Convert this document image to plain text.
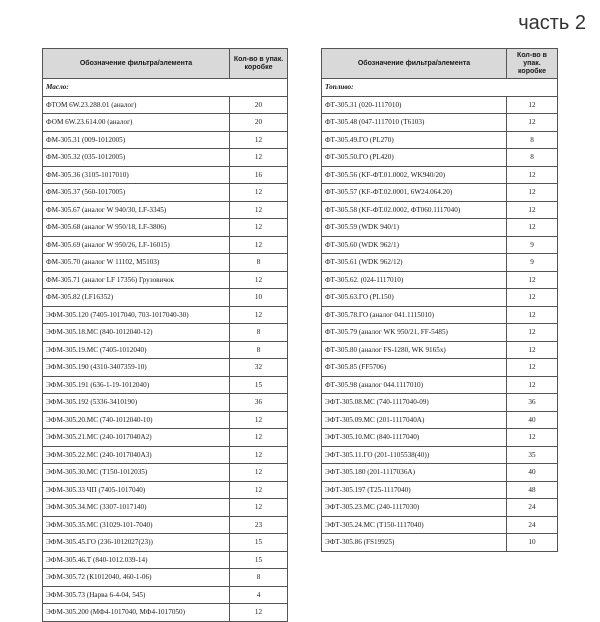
часть 2
Обозначение фильтра/элемента	Кол-во в упак. коробке
Масло:	
ФТОМ 6W.23.288.01 (аналог)	20
ФОМ 6W.23.614.00 (аналог)	20
ФМ-305.31 (009-1012005)	12
ФМ-305.32 (035-1012005)	12
ФМ-305.36 (3105-1017010)	16
ФМ-305.37 (560-1017005)	12
ФМ-305.67 (аналог W 940/30, LF-3345)	12
ФМ-305.68 (аналог W 950/18, LF-3806)	12
ФМ-305.69 (аналог W 950/26, LF-16015)	12
ФМ-305.70 (аналог W 11102, M5103)	8
ФМ-305.71 (аналог LF 17356) Грузовичок	12
ФМ-305.82 (LF16352)	10
ЭФМ-305.120 (7405-1017040, 703-1017040-30)	12
ЭФМ-305.18.МС (840-1012040-12)	8
ЭФМ-305.19.МС (7405-1012040)	8
ЭФМ-305.190 (4310-3407359-10)	32
ЭФМ-305.191 (636-1-19-1012040)	15
ЭФМ-305.192 (5336-3410190)	36
ЭФМ-305.20.МС (740-1012040-10)	12
ЭФМ-305.21.МС (240-1017040А2)	12
ЭФМ-305.22.МС (240-1017040А3)	12
ЭФМ-305.30.МС (Т150-1012035)	12
ЭФМ-305.33 ЧП (7405-1017040)	12
ЭФМ-305.34.МС (3307-1017140)	12
ЭФМ-305.35.МС (31029-101-7040)	23
ЭФМ-305.45.ГО (236-1012027(23))	15
ЭФМ-305.46.Т (840-1012.039-14)	15
ЭФМ-305.72 (К1012040, 460-1-06)	8
ЭФМ-305.73 (Нарва 6-4-04, 545)	4
ЭФМ-305.200 (МФ4-1017040, МФ4-1017050)	12
Обозначение фильтра/элемента	Кол-во в упак. коробке
Топливо:	
ФТ-305.31 (020-1117010)	12
ФТ-305.48 (047-1117010 (Т6103)	12
ФТ-305.49.ГО (PL270)	8
ФТ-305.50.ГО (PL420)	8
ФТ-305.56 (KF-ФТ.01.0002, WK940/20)	12
ФТ-305.57 (KF-ФТ.02.0001, 6W24.064.20)	12
ФТ-305.58 (KF-ФТ.02.0002, ФТ060.1117040)	12
ФТ-305.59 (WDK 940/1)	12
ФТ-305.60 (WDK 962/1)	9
ФТ-305.61 (WDK 962/12)	9
ФТ-305.62. (024-1117010)	12
ФТ-305.63.ГО (PL150)	12
ФТ-305.78.ГО (аналог 041.1115010)	12
ФТ-305.79 (аналог WK 950/21, FF-5485)	12
ФТ-305.80 (аналог FS-1280, WK 9165х)	12
ФТ-305.85 (FF5706)	12
ФТ-305.98 (аналог 044.1117010)	12
ЭФТ-305.08.МС (740-1117040-09)	36
ЭФТ-305.09.МС (201-1117040А)	40
ЭФТ-305.10.МС (840-1117040)	12
ЭФТ-305.11.ГО (201-1105538(40))	35
ЭФТ-305.180 (201-1117036А)	40
ЭФТ-305.197 (Т25-1117040)	48
ЭФТ-305.23.МС (240-1117030)	24
ЭФТ-305.24.МС (Т150-1117040)	24
ЭФТ-305.86 (FS19925)	10
